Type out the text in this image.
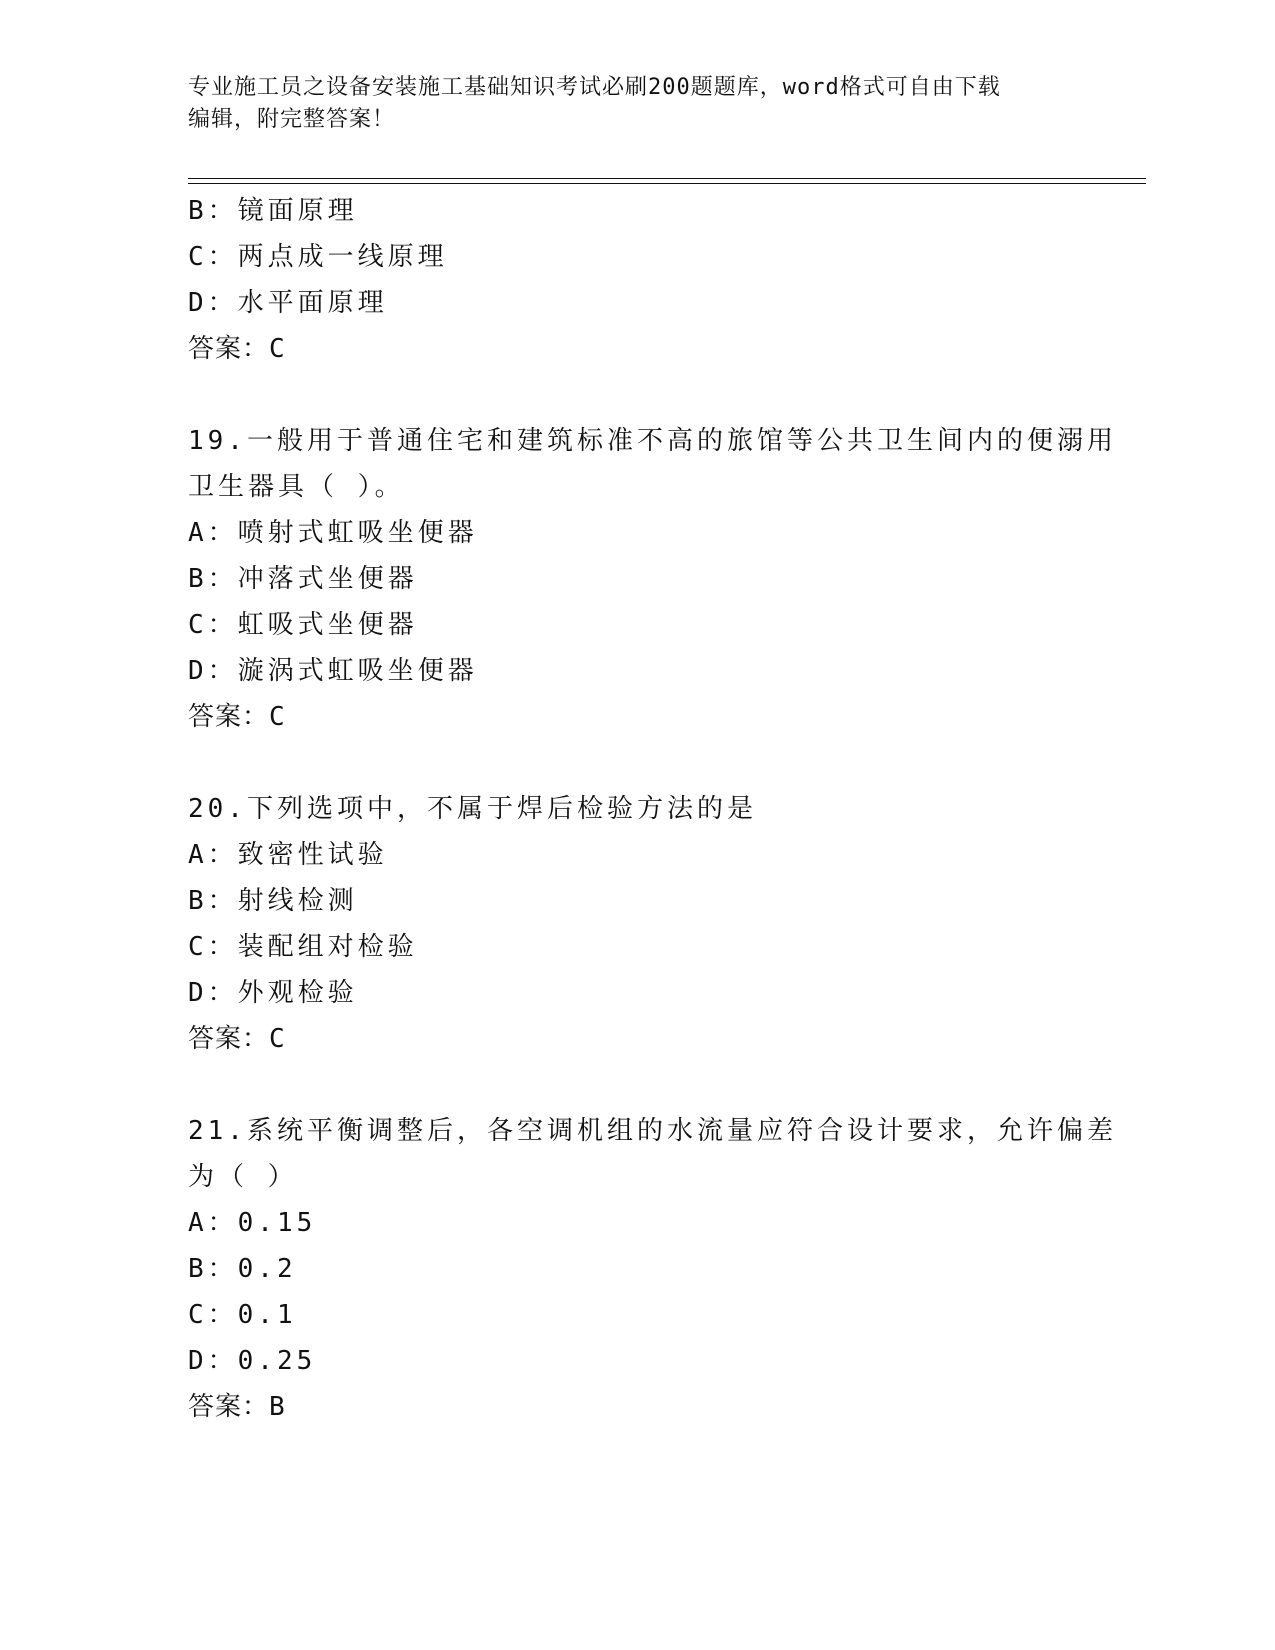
专业施工员之设备安装施工基础知识考试必刷200题题库，word格式可自由下载
编辑，附完整答案！
B：镜面原理
C：两点成一线原理
D：水平面原理
答案：C
19.一般用于普通住宅和建筑标准不高的旅馆等公共卫生间内的便溺用
卫生器具（ ）。
A：喷射式虹吸坐便器
B：冲落式坐便器
C：虹吸式坐便器
D：漩涡式虹吸坐便器
答案：C
20.下列选项中，不属于焊后检验方法的是
A：致密性试验
B：射线检测
C：装配组对检验
D：外观检验
答案：C
21.系统平衡调整后，各空调机组的水流量应符合设计要求，允许偏差
为（ ）
A：0.15
B：0.2
C：0.1
D：0.25
答案：B
